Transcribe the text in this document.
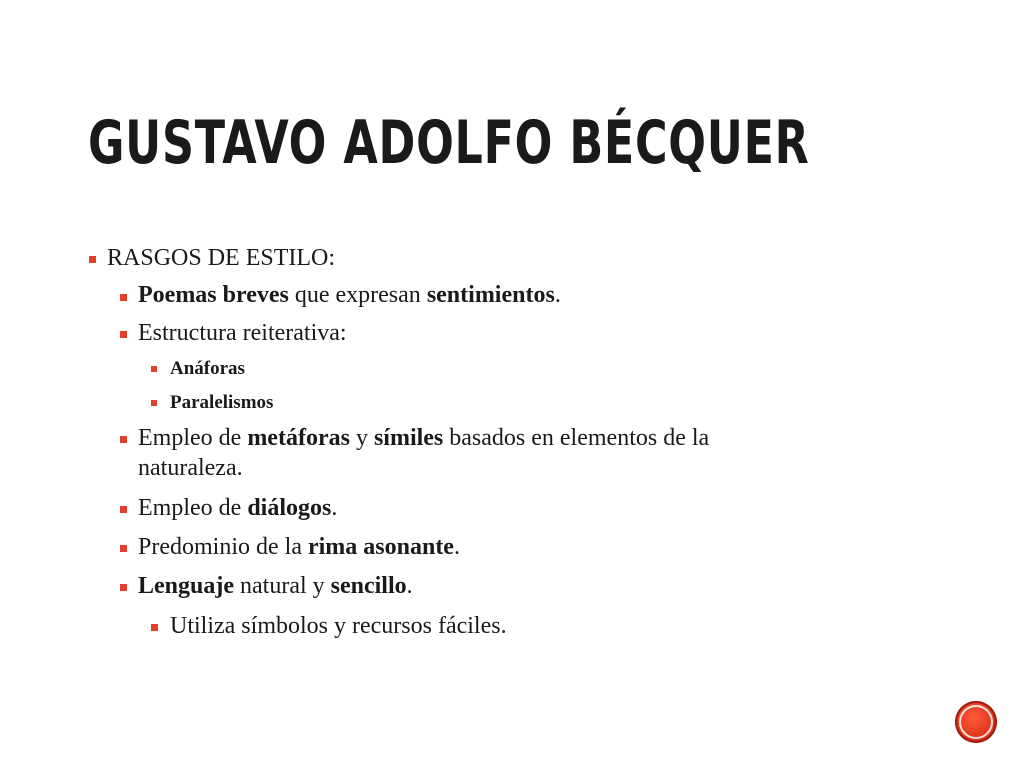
GUSTAVO ADOLFO BÉCQUER
RASGOS DE ESTILO:
Poemas breves que expresan sentimientos.
Estructura reiterativa:
Anáforas
Paralelismos
Empleo de metáforas y símiles basados en elementos de la
naturaleza.
Empleo de diálogos.
Predominio de la rima asonante.
Lenguaje natural y sencillo.
Utiliza símbolos y recursos fáciles.
